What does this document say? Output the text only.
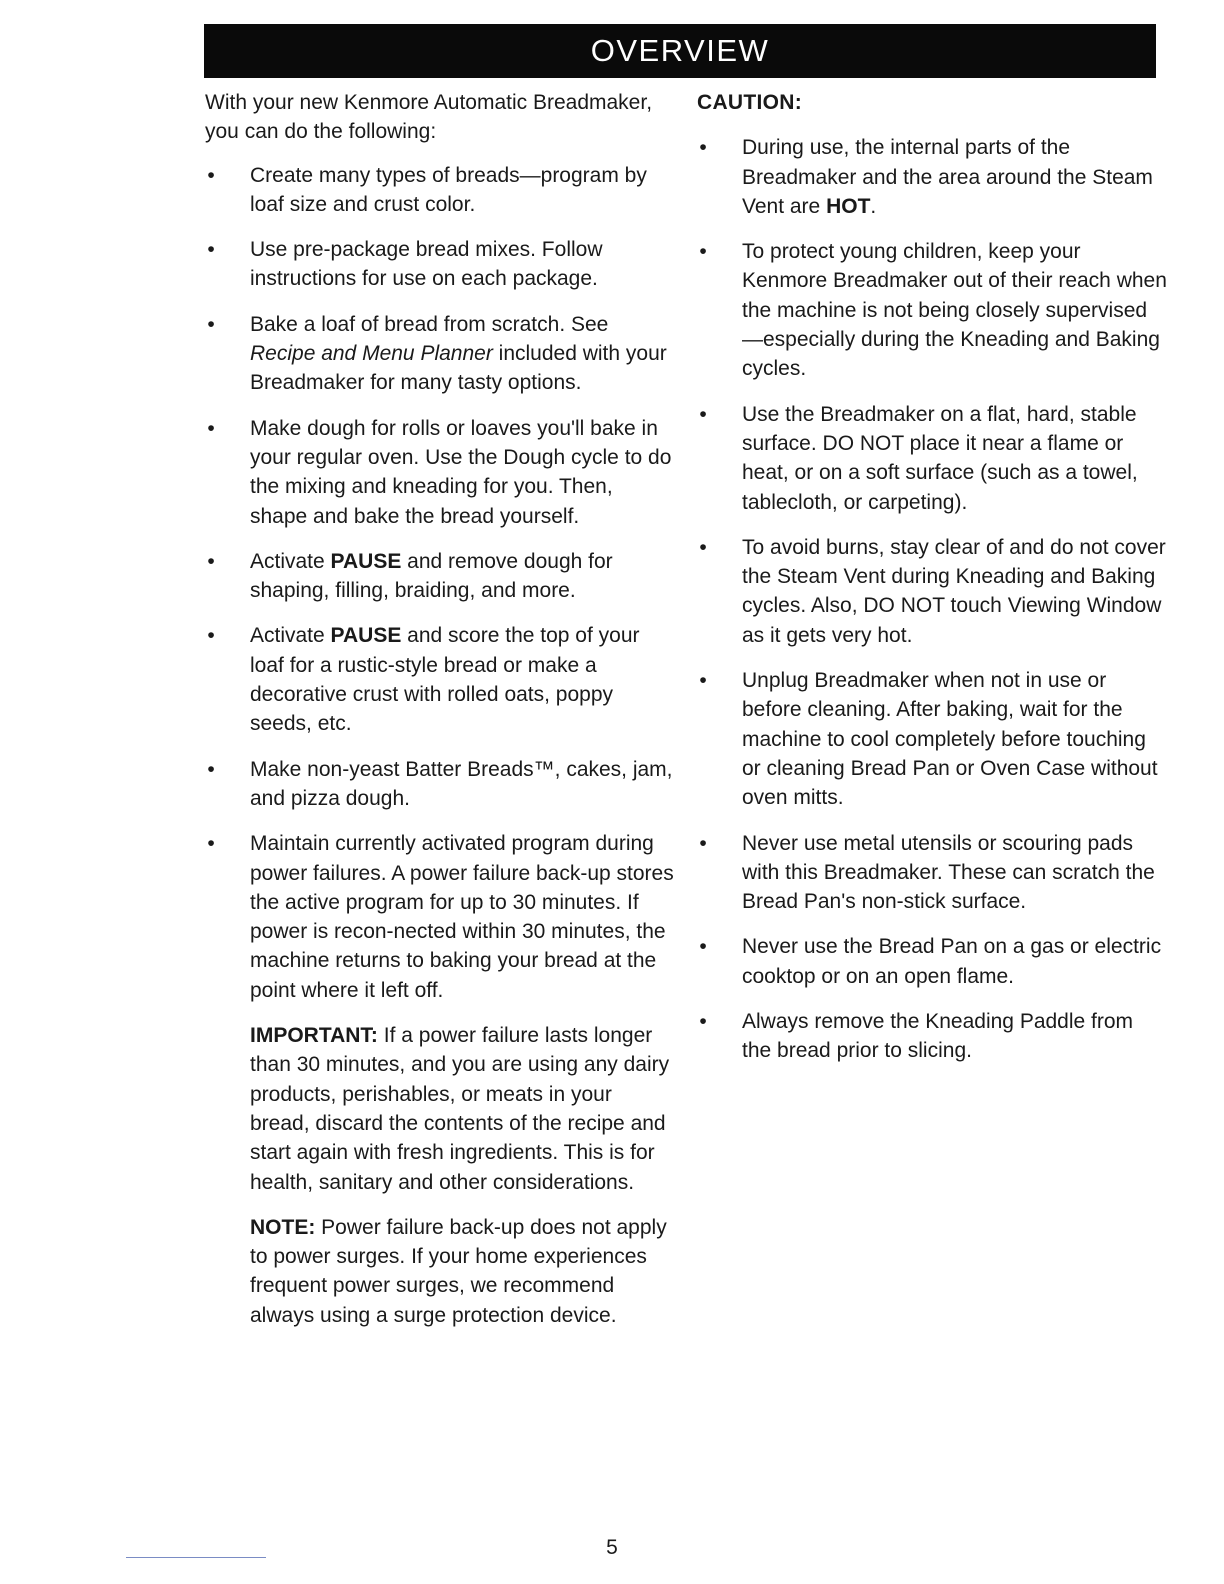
OVERVIEW

With your new Kenmore Automatic Breadmaker, you can do the following:

• Create many types of breads—program by loaf size and crust color.
• Use pre-package bread mixes. Follow instructions for use on each package.
• Bake a loaf of bread from scratch. See Recipe and Menu Planner included with your Breadmaker for many tasty options.
• Make dough for rolls or loaves you'll bake in your regular oven. Use the Dough cycle to do the mixing and kneading for you. Then, shape and bake the bread yourself.
• Activate PAUSE and remove dough for shaping, filling, braiding, and more.
• Activate PAUSE and score the top of your loaf for a rustic-style bread or make a decorative crust with rolled oats, poppy seeds, etc.
• Make non-yeast Batter Breads™, cakes, jam, and pizza dough.
• Maintain currently activated program during power failures. A power failure back-up stores the active program for up to 30 minutes. If power is recon-nected within 30 minutes, the machine returns to baking your bread at the point where it left off.

IMPORTANT: If a power failure lasts longer than 30 minutes, and you are using any dairy products, perishables, or meats in your bread, discard the contents of the recipe and start again with fresh ingredients. This is for health, sanitary and other considerations.

NOTE: Power failure back-up does not apply to power surges. If your home experiences frequent power surges, we recommend always using a surge protection device.

CAUTION:

• During use, the internal parts of the Breadmaker and the area around the Steam Vent are HOT.
• To protect young children, keep your Kenmore Breadmaker out of their reach when the machine is not being closely supervised—especially during the Kneading and Baking cycles.
• Use the Breadmaker on a flat, hard, stable surface. DO NOT place it near a flame or heat, or on a soft surface (such as a towel, tablecloth, or carpeting).
• To avoid burns, stay clear of and do not cover the Steam Vent during Kneading and Baking cycles. Also, DO NOT touch Viewing Window as it gets very hot.
• Unplug Breadmaker when not in use or before cleaning. After baking, wait for the machine to cool completely before touching or cleaning Bread Pan or Oven Case without oven mitts.
• Never use metal utensils or scouring pads with this Breadmaker. These can scratch the Bread Pan's non-stick surface.
• Never use the Bread Pan on a gas or electric cooktop or on an open flame.
• Always remove the Kneading Paddle from the bread prior to slicing.
5
